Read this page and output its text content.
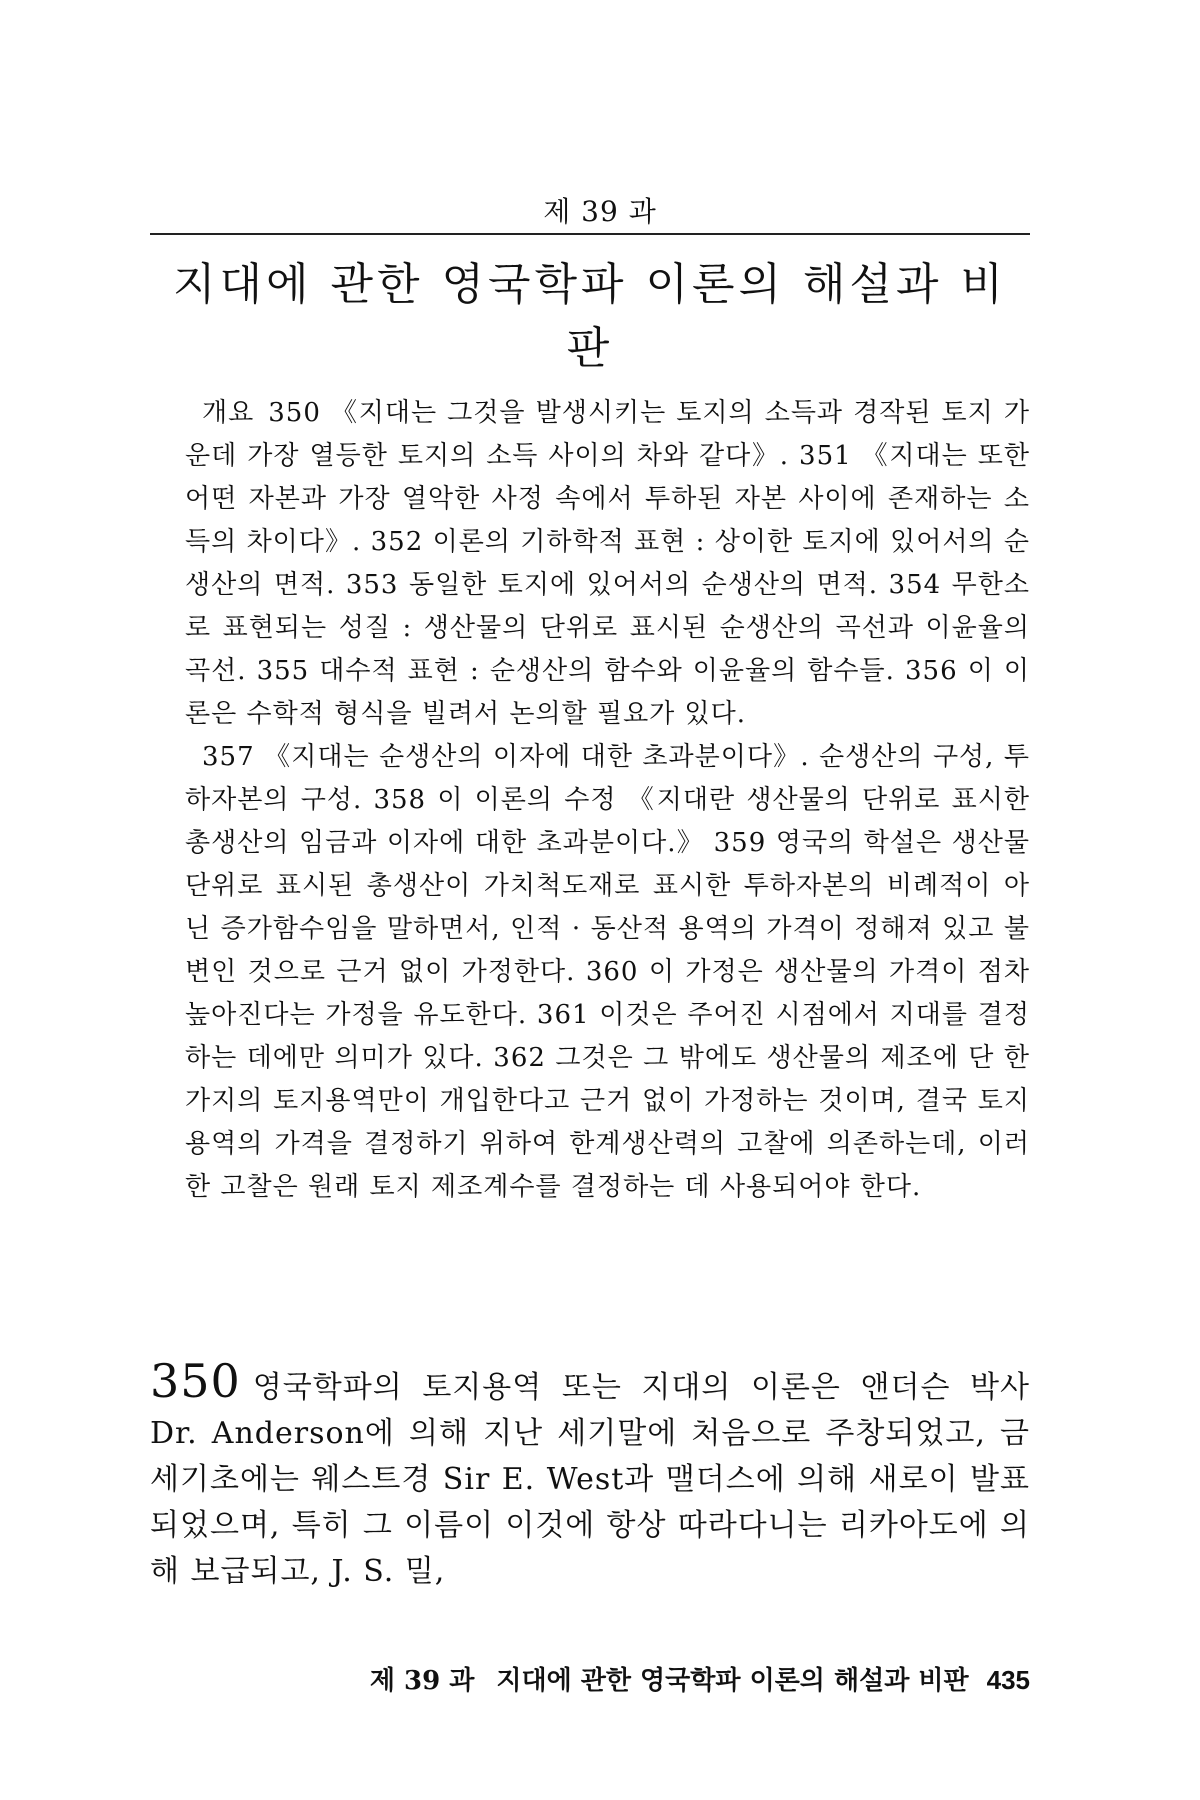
제 39 과
지대에 관한 영국학파 이론의 해설과 비판

개요 350 《지대는 그것을 발생시키는 토지의 소득과 경작된 토지 가운데 가장 열등한 토지의 소득 사이의 차와 같다》. 351 《지대는 또한 어떤 자본과 가장 열악한 사정 속에서 투하된 자본 사이에 존재하는 소득의 차이다》. 352 이론의 기하학적 표현 : 상이한 토지에 있어서의 순생산의 면적. 353 동일한 토지에 있어서의 순생산의 면적. 354 무한소로 표현되는 성질 : 생산물의 단위로 표시된 순생산의 곡선과 이윤율의 곡선. 355 대수적 표현 : 순생산의 함수와 이윤율의 함수들. 356 이 이론은 수학적 형식을 빌려서 논의할 필요가 있다.

357 《지대는 순생산의 이자에 대한 초과분이다》. 순생산의 구성, 투하자본의 구성. 358 이 이론의 수정 《지대란 생산물의 단위로 표시한 총생산의 임금과 이자에 대한 초과분이다.》 359 영국의 학설은 생산물 단위로 표시된 총생산이 가치척도재로 표시한 투하자본의 비례적이 아닌 증가함수임을 말하면서, 인적 · 동산적 용역의 가격이 정해져 있고 불변인 것으로 근거 없이 가정한다. 360 이 가정은 생산물의 가격이 점차 높아진다는 가정을 유도한다. 361 이것은 주어진 시점에서 지대를 결정하는 데에만 의미가 있다. 362 그것은 그 밖에도 생산물의 제조에 단 한 가지의 토지용역만이 개입한다고 근거 없이 가정하는 것이며, 결국 토지용역의 가격을 결정하기 위하여 한계생산력의 고찰에 의존하는데, 이러한 고찰은 원래 토지 제조계수를 결정하는 데 사용되어야 한다.

350 영국학파의 토지용역 또는 지대의 이론은 앤더슨 박사 Dr. Anderson에 의해 지난 세기말에 처음으로 주창되었고, 금세기초에는 웨스트경 Sir E. West과 맬더스에 의해 새로이 발표되었으며, 특히 그 이름이 이것에 항상 따라다니는 리카아도에 의해 보급되고, J. S. 밀,

제 39 과 지대에 관한 영국학파 이론의 해설과 비판 435
